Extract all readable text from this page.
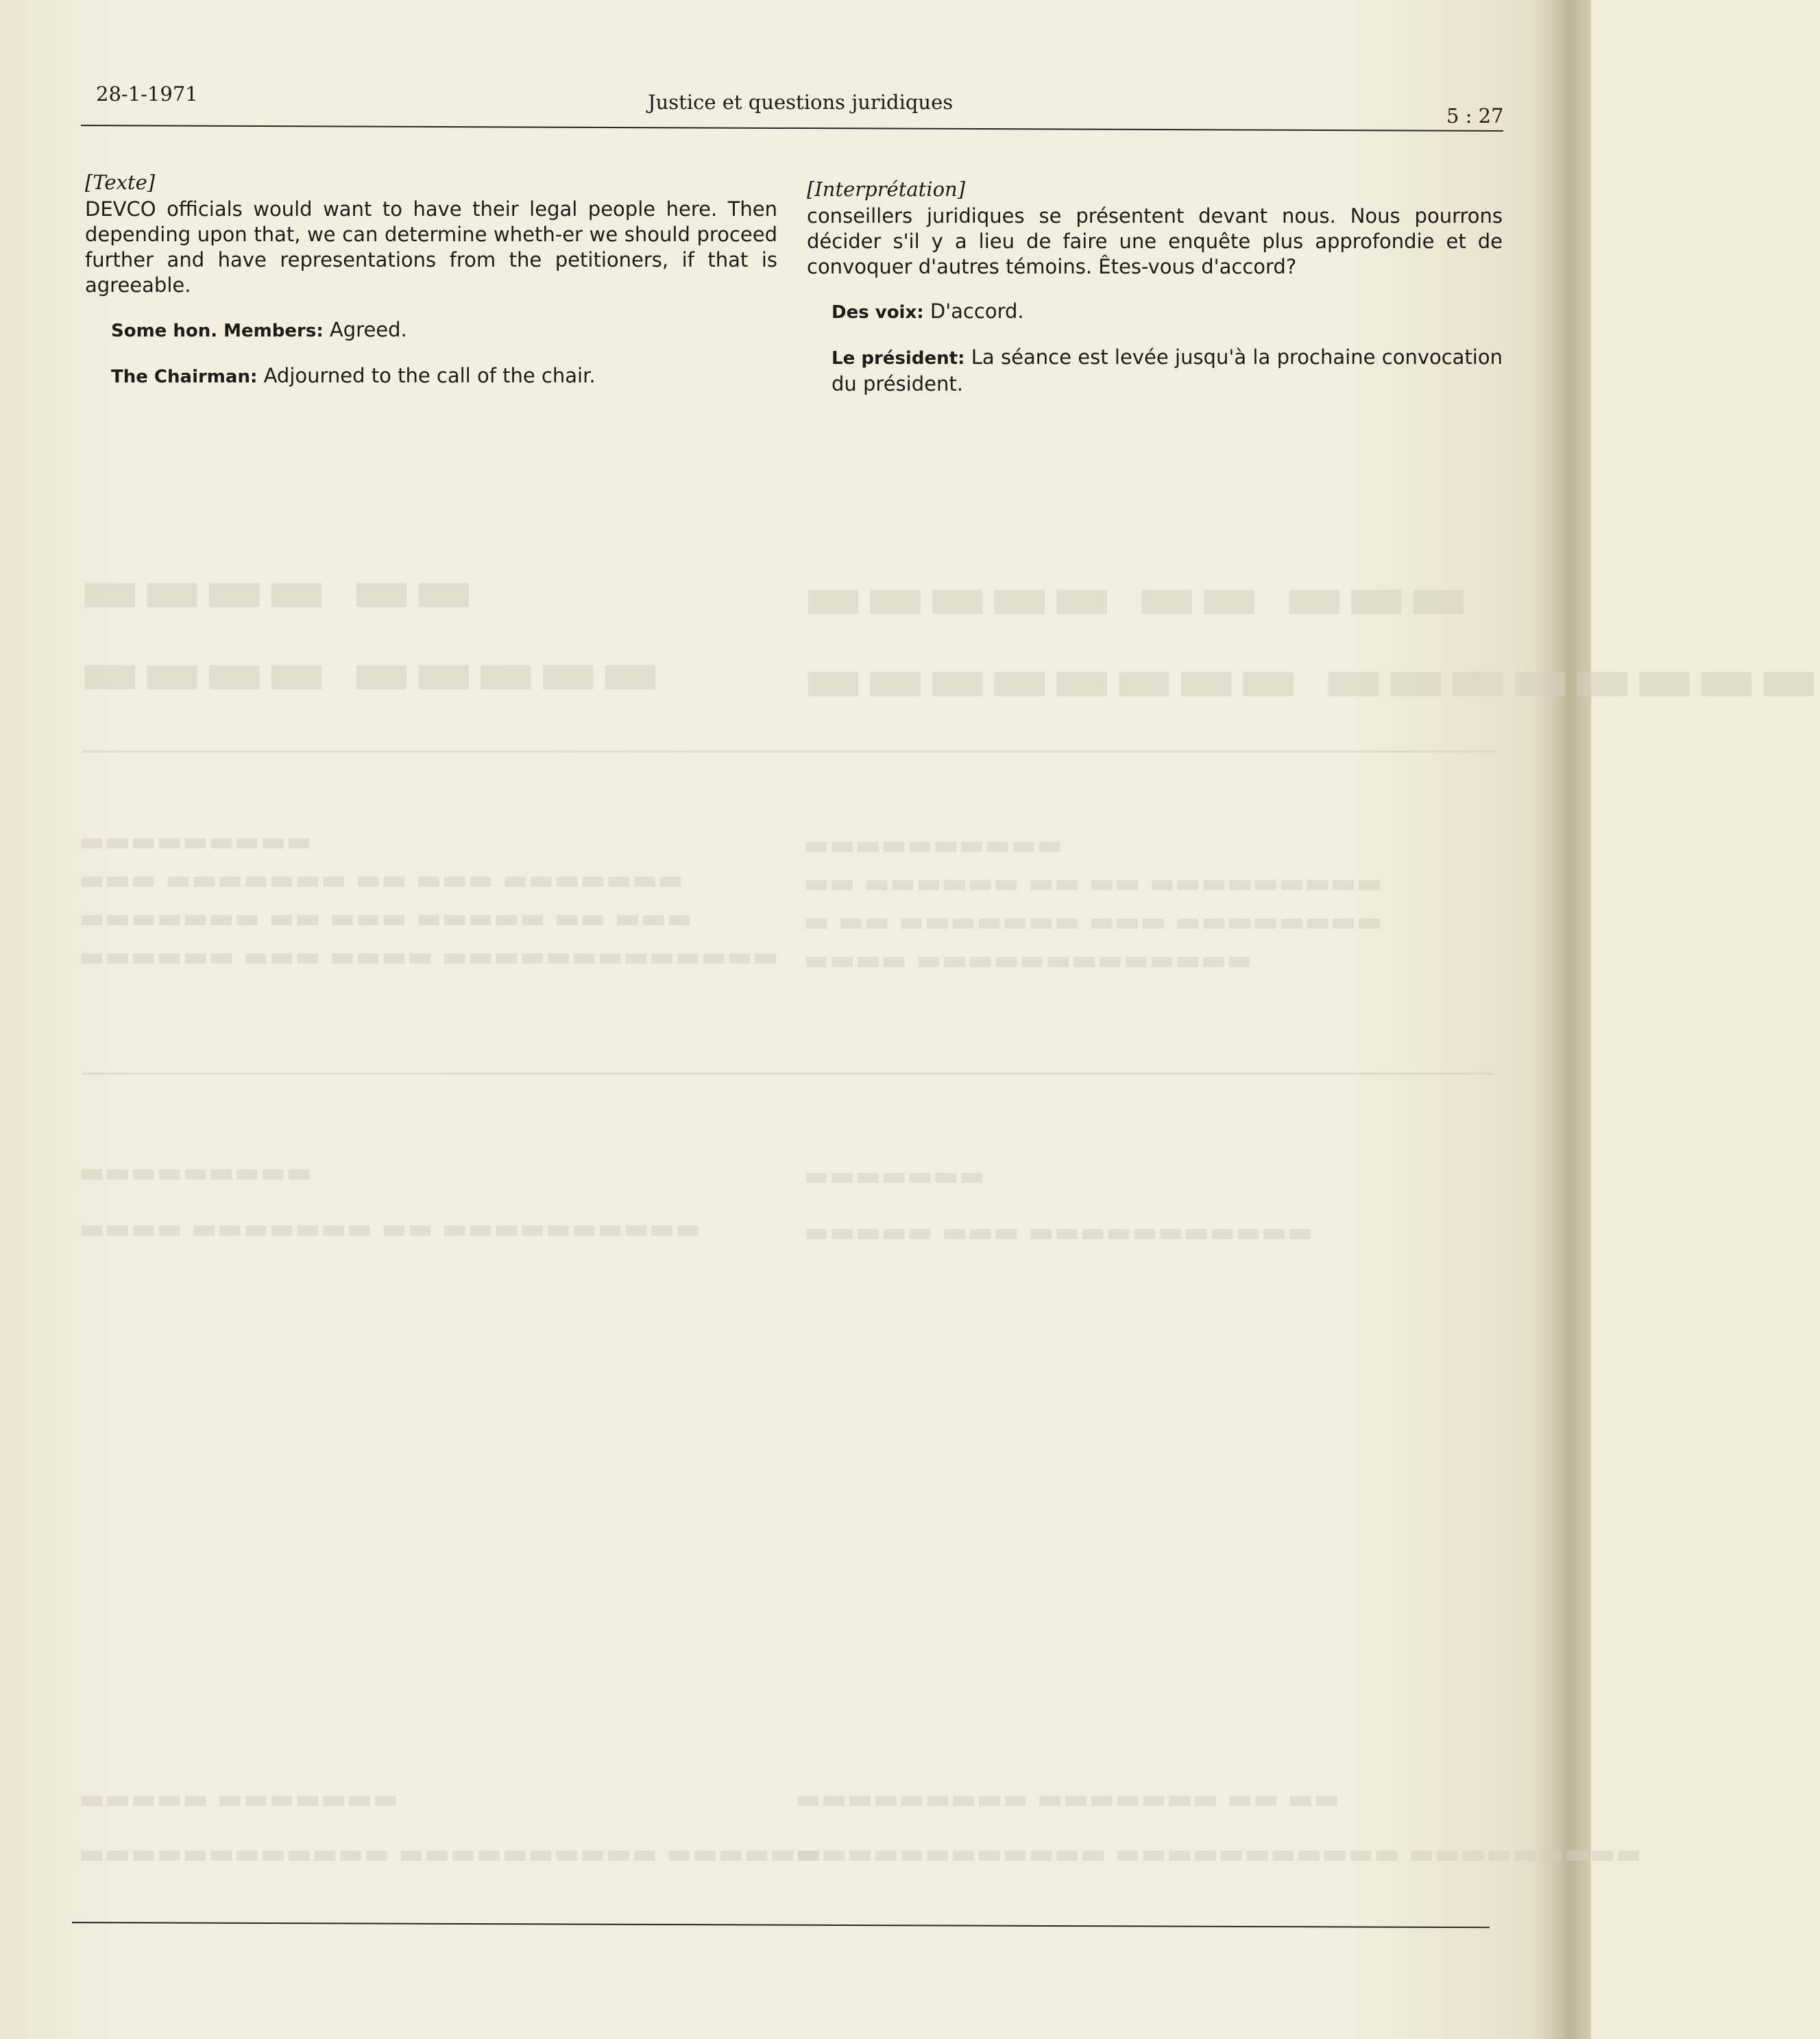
▬▬▬▬ ▬▬
▬▬▬▬ ▬▬▬▬▬
▬▬▬▬▬ ▬▬ ▬▬▬
▬▬▬▬▬▬▬▬ ▬▬▬▬▬▬▬▬
▬▬▬▬▬▬▬▬▬
▬▬▬ ▬▬▬▬▬▬▬ ▬▬ ▬▬▬ ▬▬▬▬▬▬▬
▬▬▬▬▬▬▬ ▬▬ ▬▬▬ ▬▬▬▬▬ ▬▬ ▬▬▬
▬▬▬▬▬▬ ▬▬▬ ▬▬▬▬ ▬▬▬▬▬▬▬▬▬▬▬▬▬
▬▬▬▬▬▬▬▬▬▬
▬▬ ▬▬▬▬▬▬ ▬▬ ▬▬ ▬▬▬▬▬▬▬▬▬
▬ ▬▬ ▬▬▬▬▬▬▬ ▬▬▬ ▬▬▬▬▬▬▬▬
▬▬▬▬ ▬▬▬▬▬▬▬▬▬▬▬▬▬
▬▬▬▬▬▬▬▬▬
▬▬▬▬ ▬▬▬▬▬▬▬ ▬▬ ▬▬▬▬▬▬▬▬▬▬
▬▬▬▬▬▬▬
▬▬▬▬▬ ▬▬▬ ▬▬▬▬▬▬▬▬▬▬▬
▬▬▬▬▬ ▬▬▬▬▬▬▬
▬▬▬▬▬▬▬▬▬▬▬▬ ▬▬▬▬▬▬▬▬▬▬ ▬▬▬▬▬▬
▬▬▬▬▬▬▬▬▬ ▬▬▬▬▬▬▬ ▬▬ ▬▬
▬▬▬▬▬▬▬▬▬▬▬▬ ▬▬▬▬▬▬▬▬▬▬▬ ▬▬▬▬▬▬▬▬▬
28-1-1971	Justice et questions juridiques
5 : 27
[Texte]

DEVCO officials would want to have their legal people here. Then depending upon that, we can determine wheth-er we should proceed further and have representations from the petitioners, if that is agreeable.

Some hon. Members: Agreed.
The Chairman: Adjourned to the call of the chair.
[Interprétation]

conseillers juridiques se présentent devant nous. Nous pourrons décider s'il y a lieu de faire une enquête plus approfondie et de convoquer d'autres témoins. Êtes-vous d'accord?

Des voix: D'accord.
Le président: La séance est levée jusqu'à la prochaine convocation du président.
